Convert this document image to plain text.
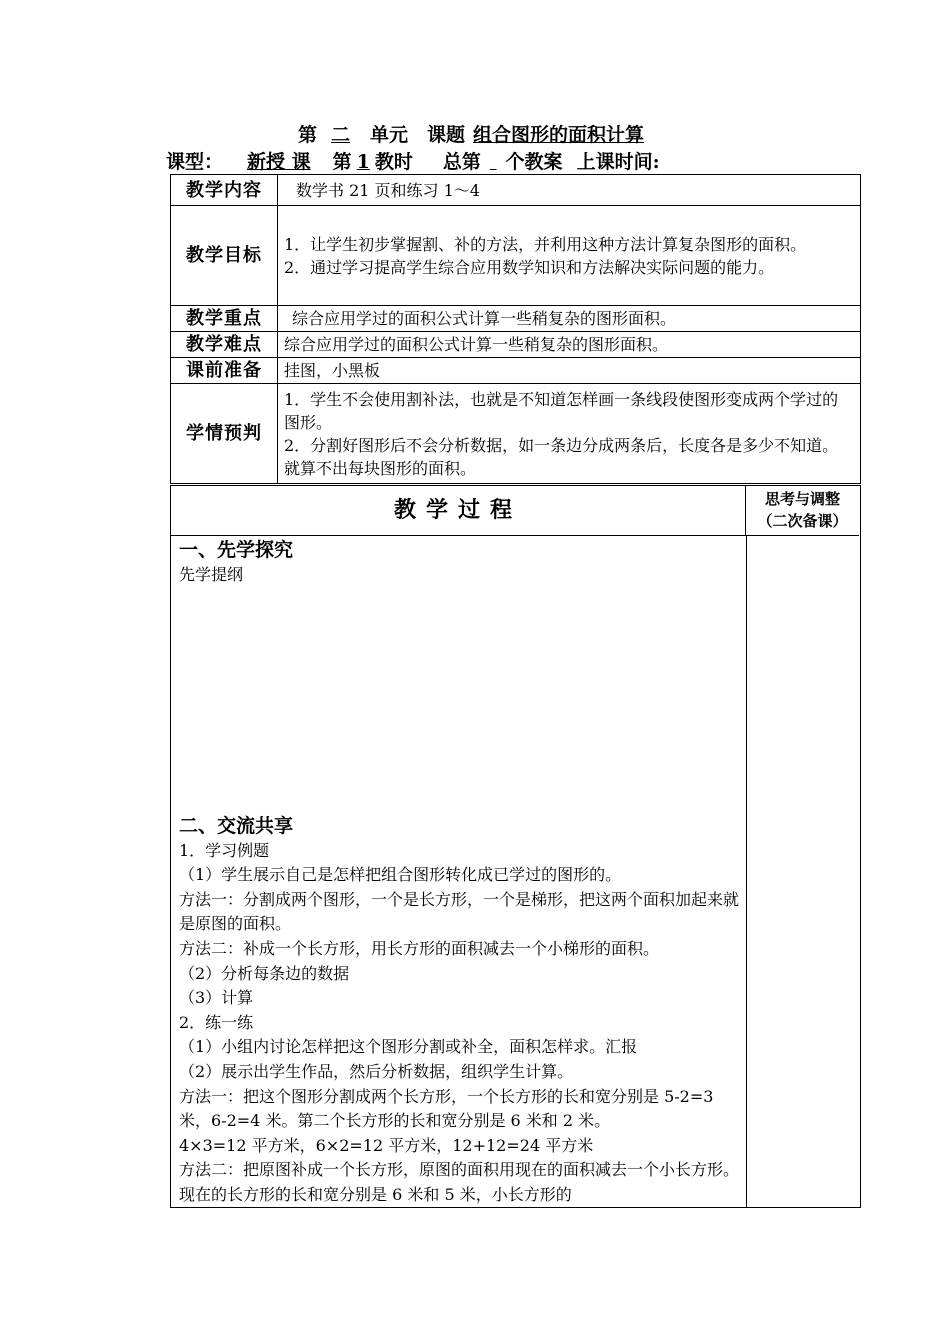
第 二 单元　课题 组合图形的面积计算
课型： 新授 课 第 1 教时 总第 个教案 上课时间:
教学内容	数学书 21 页和练习 1～4
教学目标	1．让学生初步掌握割、补的方法，并利用这种方法计算复杂图形的面积。
2．通过学习提高学生综合应用数学知识和方法解决实际问题的能力。

教学重点	综合应用学过的面积公式计算一些稍复杂的图形面积。
教学难点	综合应用学过的面积公式计算一些稍复杂的图形面积。
课前准备	挂图，小黑板
学情预判	1．学生不会使用割补法，也就是不知道怎样画一条线段使图形变成两个学过的图形。
2．分割好图形后不会分析数据，如一条边分成两条后，长度各是多少不知道。就算不出每块图形的面积。
教学过程	思考与调整
（二次备课）
一、先学探究
先学提纲
二、交流共享
1．学习例题
（1）学生展示自己是怎样把组合图形转化成已学过的图形的。
方法一：分割成两个图形，一个是长方形，一个是梯形，把这两个面积加起来就是原图的面积。
方法二：补成一个长方形，用长方形的面积减去一个小梯形的面积。
（2）分析每条边的数据
（3）计算
2．练一练
（1）小组内讨论怎样把这个图形分割或补全，面积怎样求。汇报
（2）展示出学生作品，然后分析数据，组织学生计算。
方法一：把这个图形分割成两个长方形，一个长方形的长和宽分别是 5-2=3 米，6-2=4 米。第二个长方形的长和宽分别是 6 米和 2 米。
4×3=12 平方米，6×2=12 平方米，12+12=24 平方米
方法二：把原图补成一个长方形，原图的面积用现在的面积减去一个小长方形。现在的长方形的长和宽分别是 6 米和 5 米，小长方形的
